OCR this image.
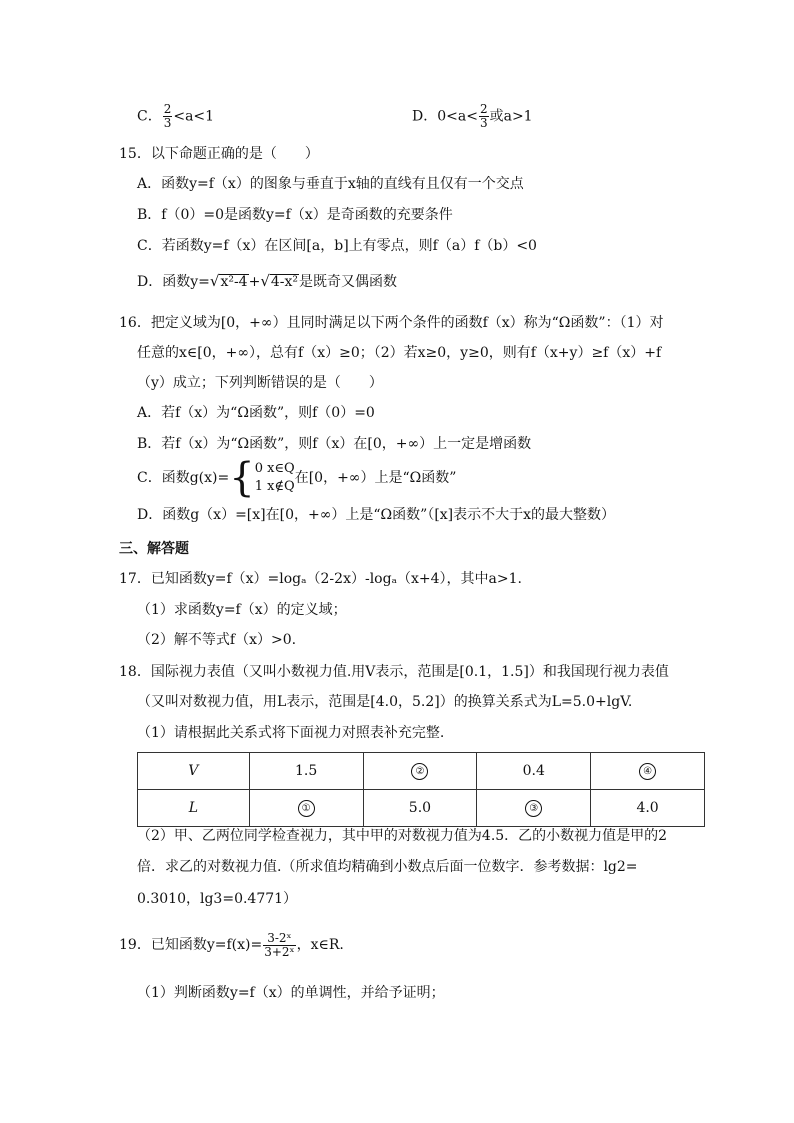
C． $\frac{2}{3} <a<1$	D．$0<a< \frac{2}{3}$ 或a>1
15．以下命题正确的是（　　）
A．函数y=f（x）的图象与垂直于x轴的直线有且仅有一个交点
B．f（0）=0是函数y=f（x）是奇函数的充要条件
C．若函数y=f（x）在区间[a，b]上有零点，则f（a）f（b）<0
D．函数y=√x²-4+√4-x²是既奇又偶函数
16．把定义域为[0，+∞）且同时满足以下两个条件的函数f（x）称为“Ω函数”：（1）对
任意的x∈[0，+∞），总有f（x）≥0；（2）若x≥0，y≥0，则有f（x+y）≥f（x）+f
（y）成立；下列判断错误的是（　　）
A．若f（x）为“Ω函数”，则f（0）=0
B．若f（x）为“Ω函数”，则f（x）在[0，+∞）上一定是增函数
C．函数g(x)={ 0 x∈Q
1 x∉Q
在[0，+∞）上是“Ω函数”
D．函数g（x）=[x]在[0，+∞）上是“Ω函数”（[x]表示不大于x的最大整数）
三、解答题
17．已知函数y=f（x）=logₐ（2-2x）-logₐ（x+4），其中a>1.
（1）求函数y=f（x）的定义域；
（2）解不等式f（x）>0.
18．国际视力表值（又叫小数视力值.用V表示，范围是[0.1，1.5]）和我国现行视力表值
（又叫对数视力值，用L表示，范围是[4.0，5.2]）的换算关系式为L=5.0+lgV.
（1）请根据此关系式将下面视力对照表补充完整.
V	1.5	②	0.4	④
L	①	5.0	③	4.0
（2）甲、乙两位同学检查视力，其中甲的对数视力值为4.5．乙的小数视力值是甲的2
倍．求乙的对数视力值.（所求值均精确到小数点后面一位数字．参考数据：lg2=
0.3010，lg3=0.4771）
19．已知函数$y=f(x)= \frac{\text{3-2ˣ}}{\text{3+2ˣ}}$ ，x∈R.
（1）判断函数y=f（x）的单调性，并给予证明；
